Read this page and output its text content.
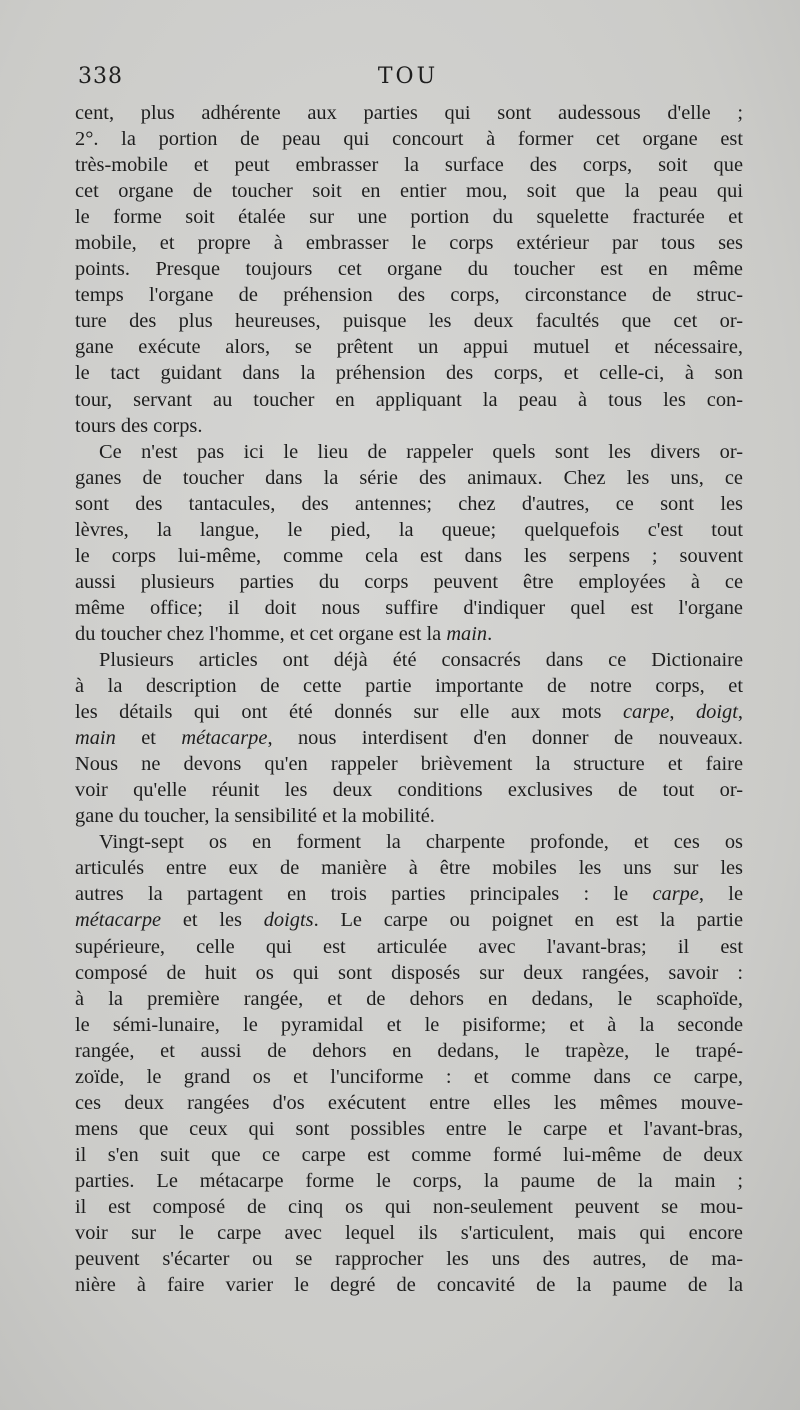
338	TOU
cent, plus adhérente aux parties qui sont audessous d'elle ;
2°. la portion de peau qui concourt à former cet organe est
très-mobile et peut embrasser la surface des corps, soit que
cet organe de toucher soit en entier mou, soit que la peau qui
le forme soit étalée sur une portion du squelette fracturée et
mobile, et propre à embrasser le corps extérieur par tous ses
points. Presque toujours cet organe du toucher est en même
temps l'organe de préhension des corps, circonstance de struc-
ture des plus heureuses, puisque les deux facultés que cet or-
gane exécute alors, se prêtent un appui mutuel et nécessaire,
le tact guidant dans la préhension des corps, et celle-ci, à son
tour, servant au toucher en appliquant la peau à tous les con-
tours des corps.
Ce n'est pas ici le lieu de rappeler quels sont les divers or-
ganes de toucher dans la série des animaux. Chez les uns, ce
sont des tantacules, des antennes; chez d'autres, ce sont les
lèvres, la langue, le pied, la queue; quelquefois c'est tout
le corps lui-même, comme cela est dans les serpens ; souvent
aussi plusieurs parties du corps peuvent être employées à ce
même office; il doit nous suffire d'indiquer quel est l'organe
du toucher chez l'homme, et cet organe est la main.
Plusieurs articles ont déjà été consacrés dans ce Dictionaire
à la description de cette partie importante de notre corps, et
les détails qui ont été donnés sur elle aux mots carpe, doigt,
main et métacarpe, nous interdisent d'en donner de nouveaux.
Nous ne devons qu'en rappeler brièvement la structure et faire
voir qu'elle réunit les deux conditions exclusives de tout or-
gane du toucher, la sensibilité et la mobilité.
Vingt-sept os en forment la charpente profonde, et ces os
articulés entre eux de manière à être mobiles les uns sur les
autres la partagent en trois parties principales : le carpe, le
métacarpe et les doigts. Le carpe ou poignet en est la partie
supérieure, celle qui est articulée avec l'avant-bras; il est
composé de huit os qui sont disposés sur deux rangées, savoir :
à la première rangée, et de dehors en dedans, le scaphoïde,
le sémi-lunaire, le pyramidal et le pisiforme; et à la seconde
rangée, et aussi de dehors en dedans, le trapèze, le trapé-
zoïde, le grand os et l'unciforme : et comme dans ce carpe,
ces deux rangées d'os exécutent entre elles les mêmes mouve-
mens que ceux qui sont possibles entre le carpe et l'avant-bras,
il s'en suit que ce carpe est comme formé lui-même de deux
parties. Le métacarpe forme le corps, la paume de la main ;
il est composé de cinq os qui non-seulement peuvent se mou-
voir sur le carpe avec lequel ils s'articulent, mais qui encore
peuvent s'écarter ou se rapprocher les uns des autres, de ma-
nière à faire varier le degré de concavité de la paume de la
